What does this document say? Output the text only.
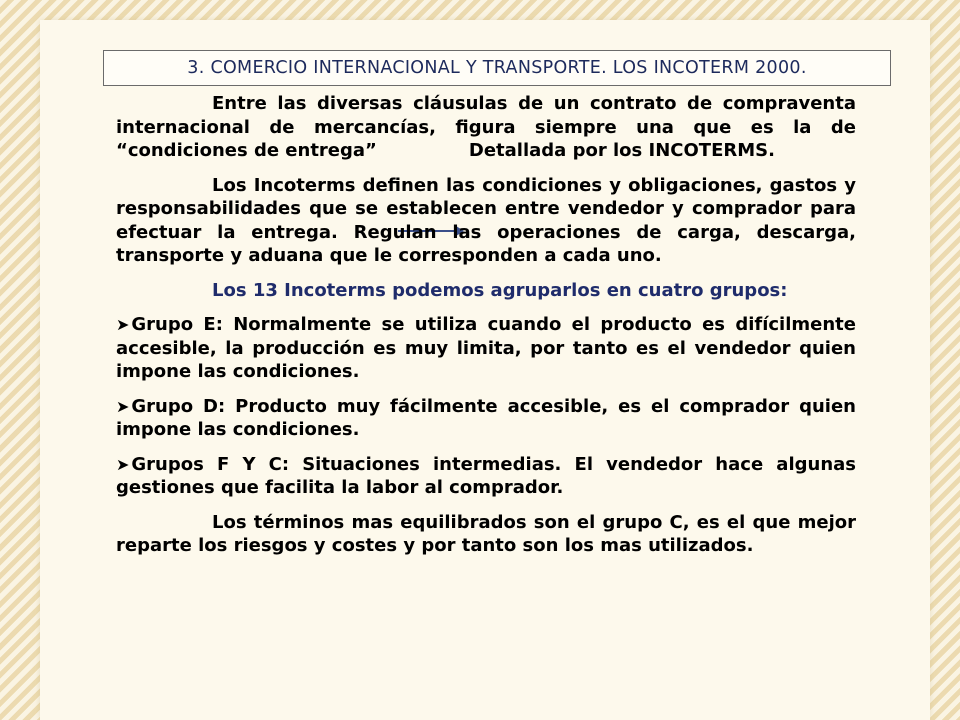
3. COMERCIO INTERNACIONAL Y TRANSPORTE. LOS INCOTERM 2000.

Entre las diversas cláusulas de un contrato de compraventa internacional de mercancías, figura siempre una que es la de “condiciones de entrega”	Detallada por los INCOTERMS.

Los Incoterms definen las condiciones y obligaciones, gastos y responsabilidades que se establecen entre vendedor y comprador para efectuar la entrega. Regulan las operaciones de carga, descarga, transporte y aduana que le corresponden a cada uno.

Los 13 Incoterms podemos agruparlos en cuatro grupos:

➤ Grupo E: Normalmente se utiliza cuando el producto es difícilmente accesible, la producción es muy limita, por tanto es el vendedor quien impone las condiciones.

➤ Grupo D: Producto muy fácilmente accesible, es el comprador quien impone las condiciones.

➤ Grupos F Y C: Situaciones intermedias. El vendedor hace algunas gestiones que facilita la labor al comprador.

Los términos mas equilibrados son el grupo C, es el que mejor reparte los riesgos y costes y por tanto son los mas utilizados.
